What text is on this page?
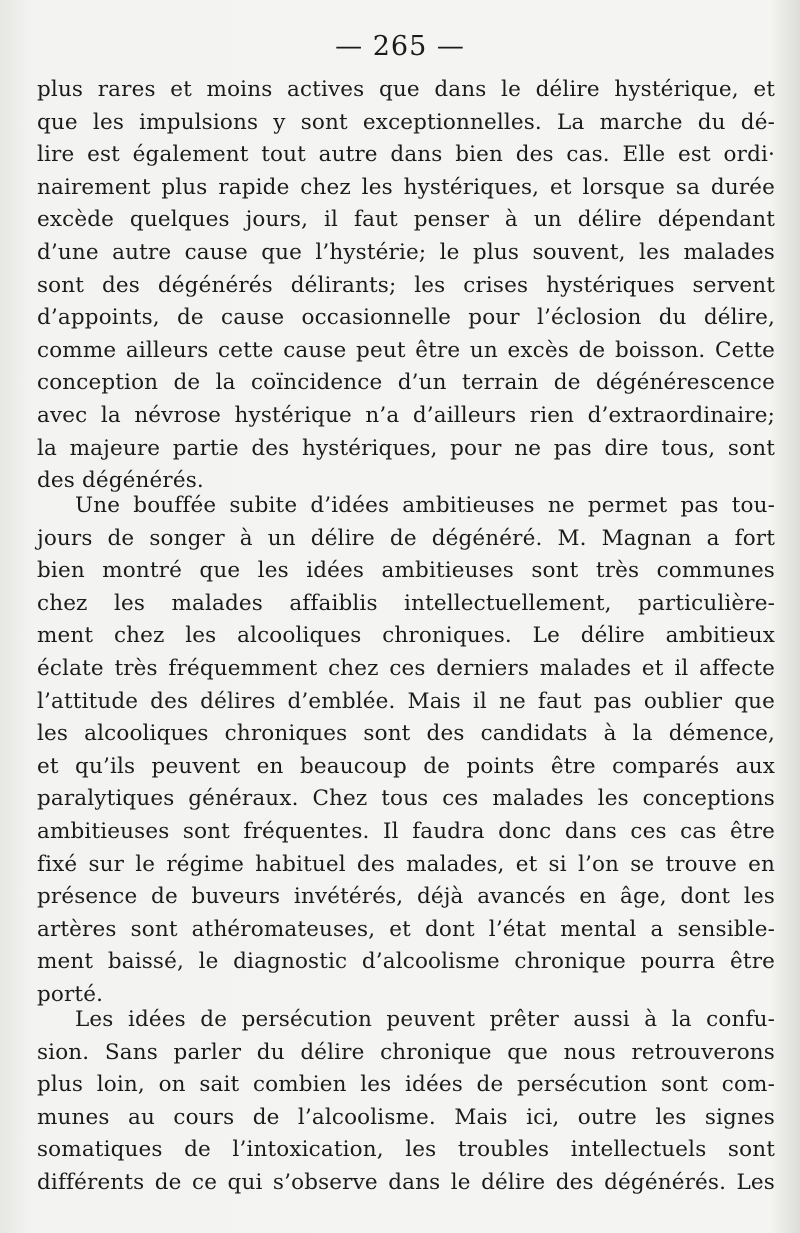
— 265 —
plus rares et moins actives que dans le délire hystérique, et
que les impulsions y sont exceptionnelles. La marche du dé-
lire est également tout autre dans bien des cas. Elle est ordi·
nairement plus rapide chez les hystériques, et lorsque sa durée
excède quelques jours, il faut penser à un délire dépendant
d’une autre cause que l’hystérie; le plus souvent, les malades
sont des dégénérés délirants; les crises hystériques servent
d’appoints, de cause occasionnelle pour l’éclosion du délire,
comme ailleurs cette cause peut être un excès de boisson. Cette
conception de la coïncidence d’un terrain de dégénérescence
avec la névrose hystérique n’a d’ailleurs rien d’extraordinaire;
la majeure partie des hystériques, pour ne pas dire tous, sont
des dégénérés.
Une bouffée subite d’idées ambitieuses ne permet pas tou-
jours de songer à un délire de dégénéré. M. Magnan a fort
bien montré que les idées ambitieuses sont très communes
chez les malades affaiblis intellectuellement, particulière-
ment chez les alcooliques chroniques. Le délire ambitieux
éclate très fréquemment chez ces derniers malades et il affecte
l’attitude des délires d’emblée. Mais il ne faut pas oublier que
les alcooliques chroniques sont des candidats à la démence,
et qu’ils peuvent en beaucoup de points être comparés aux
paralytiques généraux. Chez tous ces malades les conceptions
ambitieuses sont fréquentes. Il faudra donc dans ces cas être
fixé sur le régime habituel des malades, et si l’on se trouve en
présence de buveurs invétérés, déjà avancés en âge, dont les
artères sont athéromateuses, et dont l’état mental a sensible-
ment baissé, le diagnostic d’alcoolisme chronique pourra être
porté.
Les idées de persécution peuvent prêter aussi à la confu-
sion. Sans parler du délire chronique que nous retrouverons
plus loin, on sait combien les idées de persécution sont com-
munes au cours de l’alcoolisme. Mais ici, outre les signes
somatiques de l’intoxication, les troubles intellectuels sont
différents de ce qui s’observe dans le délire des dégénérés. Les
